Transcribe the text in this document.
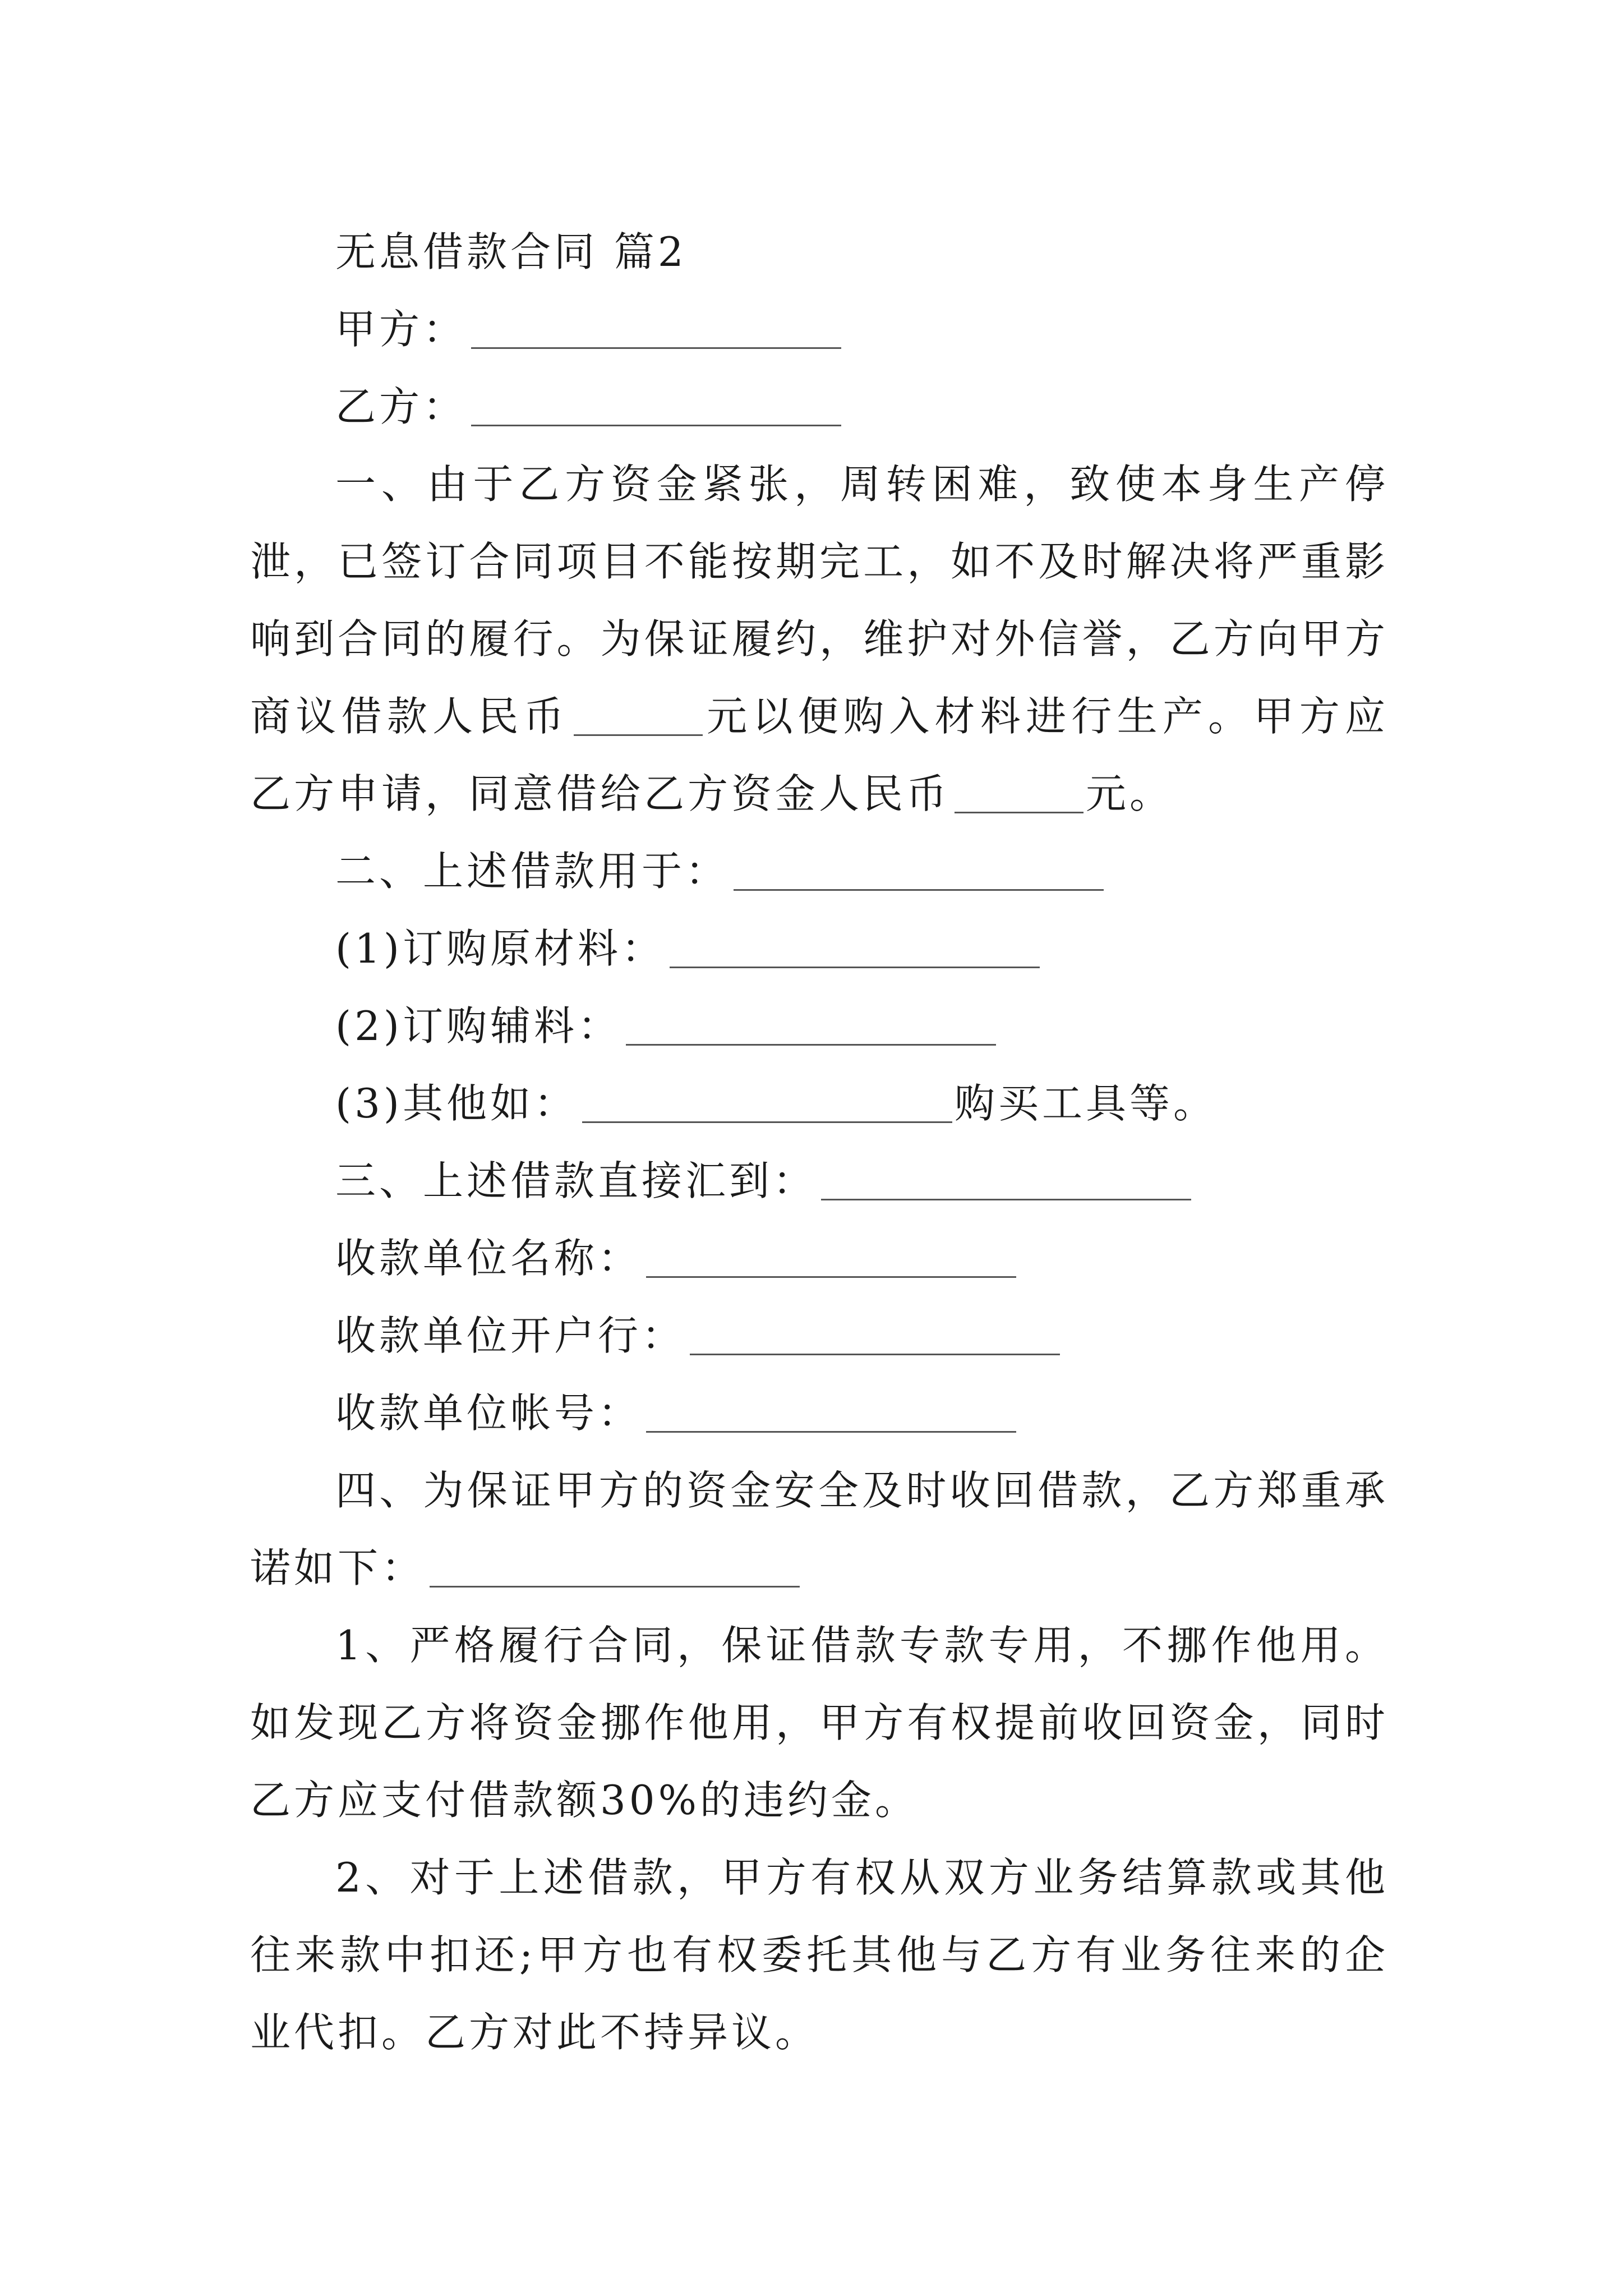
无息借款合同 篇2

甲方：

乙方：

一、由于乙方资金紧张，周转困难，致使本身生产停泄，已签订合同项目不能按期完工，如不及时解决将严重影响到合同的履行。为保证履约，维护对外信誉，乙方向甲方商议借款人民币	元以便购入材料进行生产。甲方应乙方申请，同意借给乙方资金人民币	元。

二、上述借款用于：

(1)订购原材料：

(2)订购辅料：

(3)其他如：	购买工具等。

三、上述借款直接汇到：

收款单位名称：

收款单位开户行：

收款单位帐号：

四、为保证甲方的资金安全及时收回借款，乙方郑重承诺如下：

1、严格履行合同，保证借款专款专用，不挪作他用。如发现乙方将资金挪作他用，甲方有权提前收回资金，同时乙方应支付借款额30%的违约金。

2、对于上述借款，甲方有权从双方业务结算款或其他往来款中扣还;甲方也有权委托其他与乙方有业务往来的企业代扣。乙方对此不持异议。
